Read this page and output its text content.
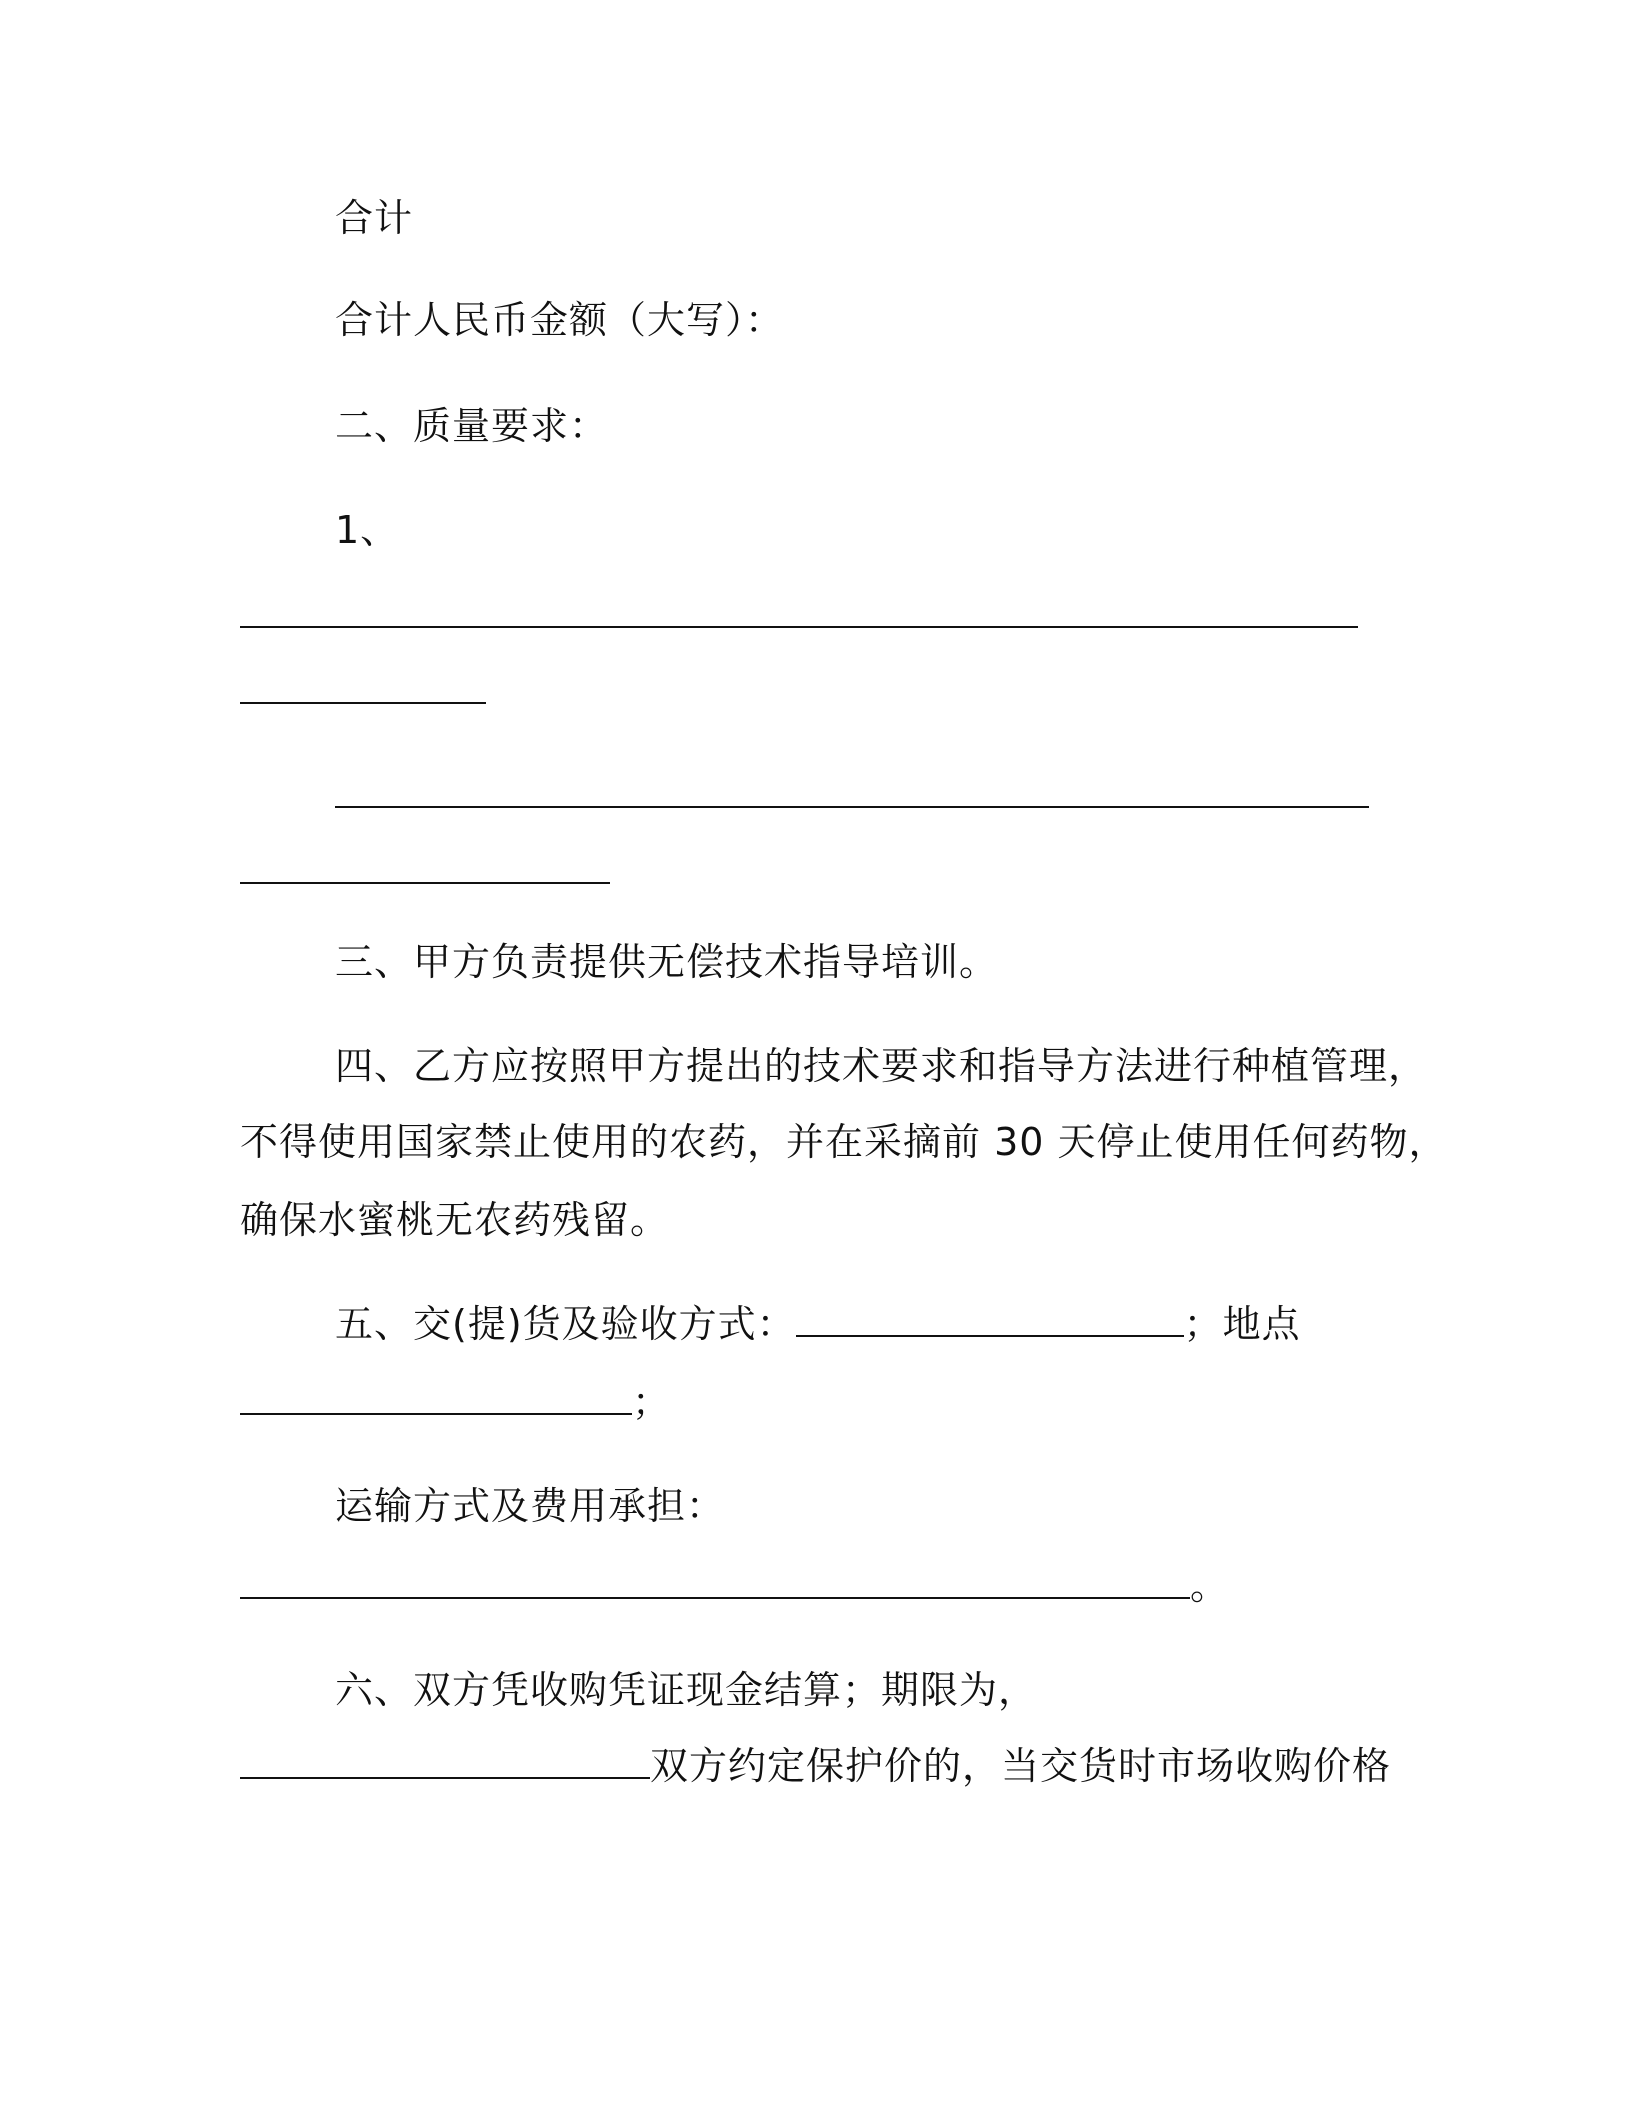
合计
合计人民币金额（大写）：
二、质量要求：
1、
三、甲方负责提供无偿技术指导培训。
四、乙方应按照甲方提出的技术要求和指导方法进行种植管理，
不得使用国家禁止使用的农药，并在采摘前 30 天停止使用任何药物，
确保水蜜桃无农药残留。
五、交(提)货及验收方式：	；地点
；
运输方式及费用承担：
。
六、双方凭收购凭证现金结算；期限为，
双方约定保护价的，当交货时市场收购价格
